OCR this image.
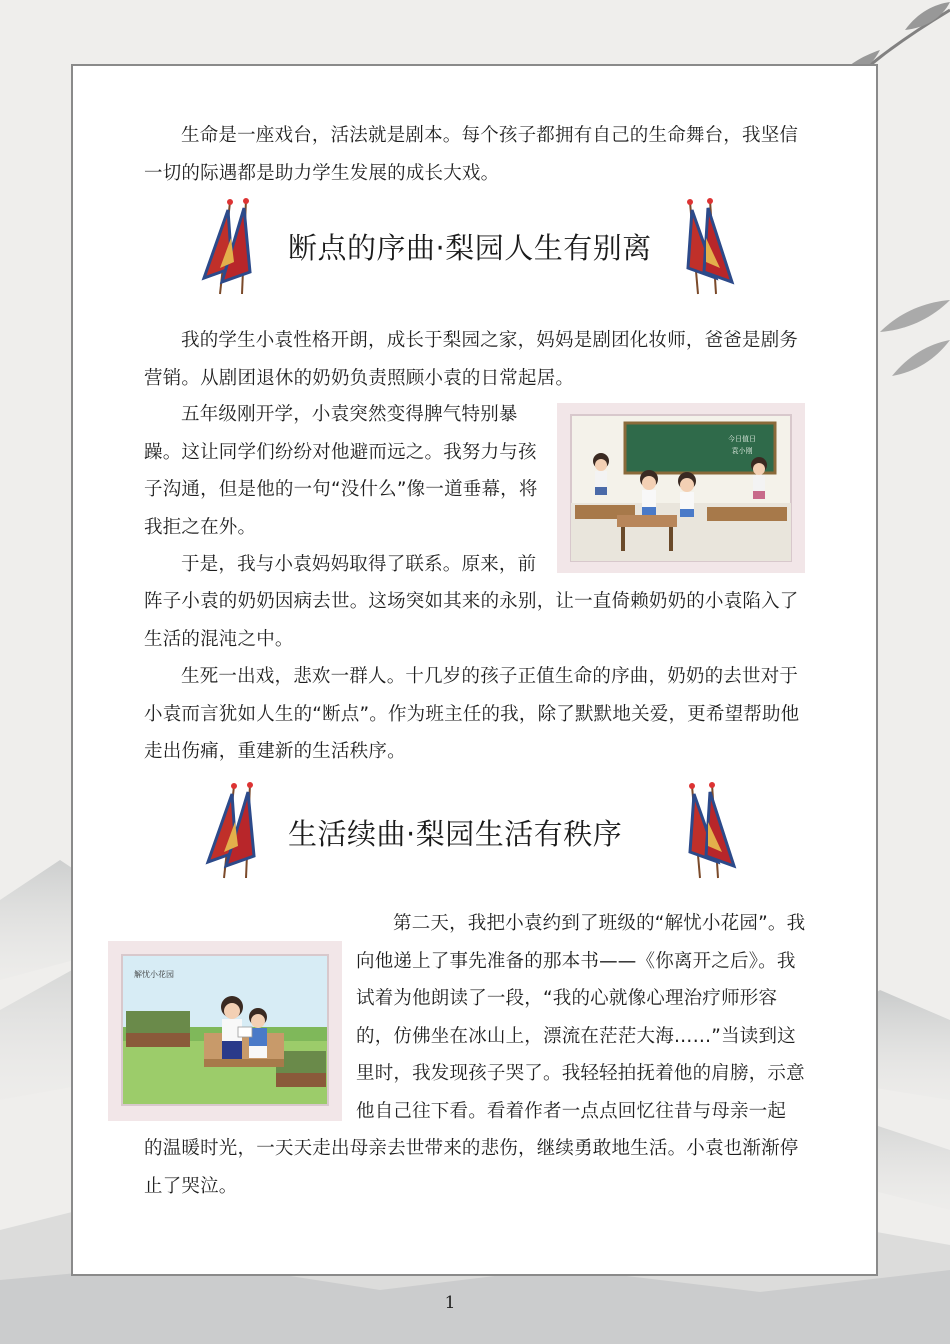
生命是一座戏台，活法就是剧本。每个孩子都拥有自己的生命舞台，我坚信一切的际遇都是助力学生发展的成长大戏。

断点的序曲·梨园人生有别离

我的学生小袁性格开朗，成长于梨园之家，妈妈是剧团化妆师，爸爸是剧务营销。从剧团退休的奶奶负责照顾小袁的日常起居。

五年级刚开学，小袁突然变得脾气特别暴躁。这让同学们纷纷对他避而远之。我努力与孩子沟通，但是他的一句“没什么”像一道垂幕，将我拒之在外。

于是，我与小袁妈妈取得了联系。原来，前

阵子小袁的奶奶因病去世。这场突如其来的永别，让一直倚赖奶奶的小袁陷入了生活的混沌之中。

生死一出戏，悲欢一群人。十几岁的孩子正值生命的序曲，奶奶的去世对于小袁而言犹如人生的“断点”。作为班主任的我，除了默默地关爱，更希望帮助他走出伤痛，重建新的生活秩序。

今日值日
袁小刚
生活续曲·梨园生活有秩序
解忧小花园

第二天，我把小袁约到了班级的“解忧小花园”。我向他递上了事先准备的那本书——《你离开之后》。我试着为他朗读了一段，“我的心就像心理治疗师形容的，仿佛坐在冰山上，漂流在茫茫大海……”当读到这里时，我发现孩子哭了。我轻轻拍抚着他的肩膀，示意他自己往下看。看着作者一点点回忆往昔与母亲一起

的温暖时光，一天天走出母亲去世带来的悲伤，继续勇敢地生活。小袁也渐渐停止了哭泣。

1
